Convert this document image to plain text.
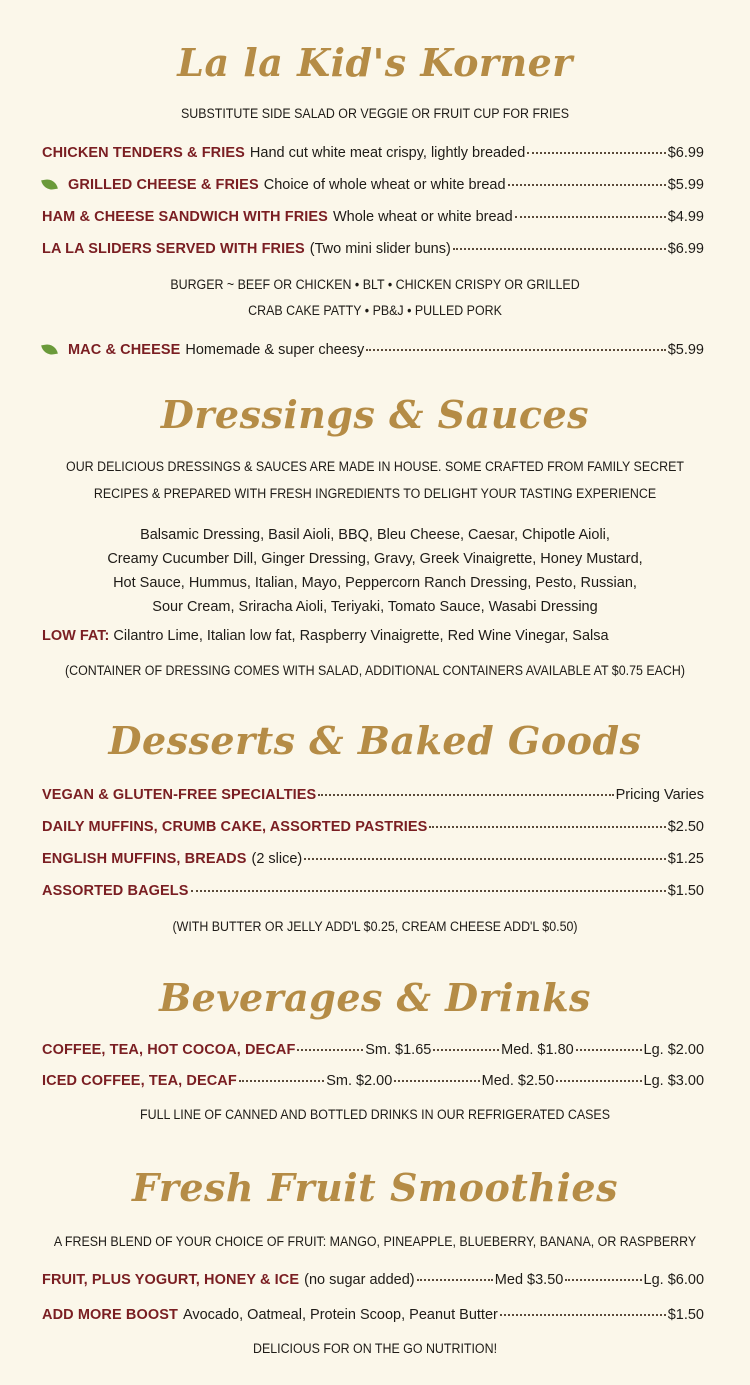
La la Kid's Korner
SUBSTITUTE SIDE SALAD OR VEGGIE OR FRUIT CUP FOR FRIES
CHICKEN TENDERS & FRIES Hand cut white meat crispy, lightly breaded	$6.99
GRILLED CHEESE & FRIES Choice of whole wheat or white bread	$5.99
HAM & CHEESE SANDWICH WITH FRIES Whole wheat or white bread	$4.99
LA LA SLIDERS SERVED WITH FRIES (Two mini slider buns)	$6.99
BURGER ~ BEEF OR CHICKEN • BLT • CHICKEN CRISPY OR GRILLED
CRAB CAKE PATTY • PB&J • PULLED PORK
MAC & CHEESE Homemade & super cheesy	$5.99
Dressings & Sauces
OUR DELICIOUS DRESSINGS & SAUCES ARE MADE IN HOUSE. SOME CRAFTED FROM FAMILY SECRET
RECIPES & PREPARED WITH FRESH INGREDIENTS TO DELIGHT YOUR TASTING EXPERIENCE
Balsamic Dressing, Basil Aioli, BBQ, Bleu Cheese, Caesar, Chipotle Aioli,
Creamy Cucumber Dill, Ginger Dressing, Gravy, Greek Vinaigrette, Honey Mustard,
Hot Sauce, Hummus, Italian, Mayo, Peppercorn Ranch Dressing, Pesto, Russian,
Sour Cream, Sriracha Aioli, Teriyaki, Tomato Sauce, Wasabi Dressing
LOW FAT: Cilantro Lime, Italian low fat, Raspberry Vinaigrette, Red Wine Vinegar, Salsa
(CONTAINER OF DRESSING COMES WITH SALAD, ADDITIONAL CONTAINERS AVAILABLE AT $0.75 EACH)
Desserts & Baked Goods
VEGAN & GLUTEN-FREE SPECIALTIES	Pricing Varies
DAILY MUFFINS, CRUMB CAKE, ASSORTED PASTRIES	$2.50
ENGLISH MUFFINS, BREADS (2 slice)	$1.25
ASSORTED BAGELS	$1.50
(WITH BUTTER OR JELLY ADD'L $0.25, CREAM CHEESE ADD'L $0.50)
Beverages & Drinks
COFFEE, TEA, HOT COCOA, DECAF	Sm. $1.65	Med. $1.80	Lg. $2.00
ICED COFFEE, TEA, DECAF	Sm. $2.00	Med. $2.50	Lg. $3.00
FULL LINE OF CANNED AND BOTTLED DRINKS IN OUR REFRIGERATED CASES
Fresh Fruit Smoothies
A FRESH BLEND OF YOUR CHOICE OF FRUIT: MANGO, PINEAPPLE, BLUEBERRY, BANANA, OR RASPBERRY
FRUIT, PLUS YOGURT, HONEY & ICE (no sugar added)	Med $3.50	Lg. $6.00
ADD MORE BOOST Avocado, Oatmeal, Protein Scoop, Peanut Butter	$1.50
DELICIOUS FOR ON THE GO NUTRITION!
